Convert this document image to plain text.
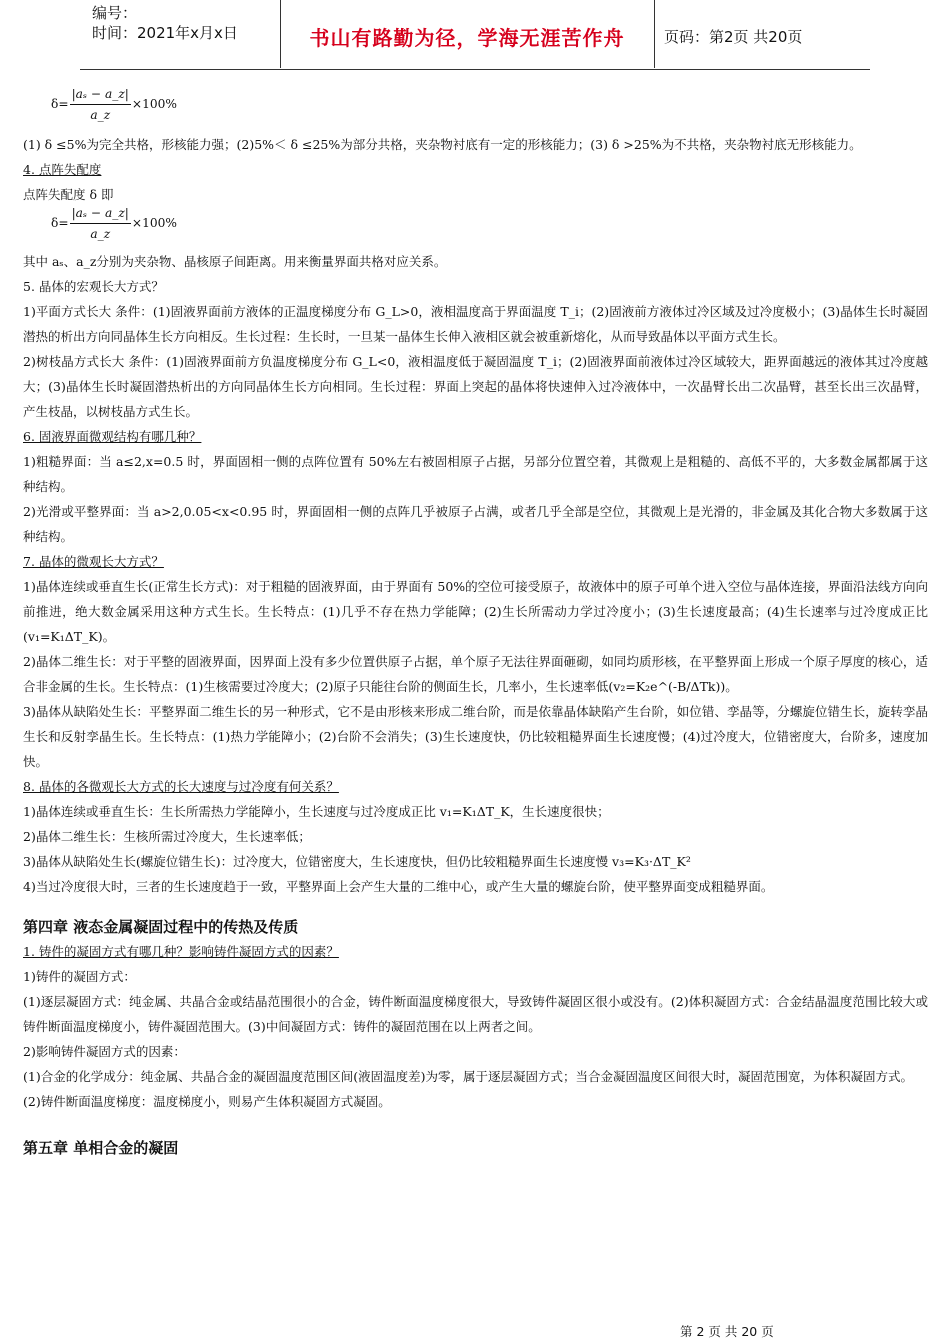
编号：
时间：2021年x月x日	书山有路勤为径，学海无涯苦作舟	页码：第2页 共20页
$\delta= \frac{\text{|aₛ − a\_z|}}{a\_z} \times 100\%$

(1) δ ≤5%为完全共格，形核能力强；(2)5%＜ δ ≤25%为部分共格，夹杂物衬底有一定的形核能力；(3) δ >25%为不共格，夹杂物衬底无形核能力。

4. 点阵失配度

点阵失配度 δ 即

$\delta= \frac{\text{|aₛ − a\_z|}}{a\_z} \times 100\%$

其中 aₛ、a_z分别为夹杂物、晶核原子间距离。用来衡量界面共格对应关系。

5. 晶体的宏观长大方式？

1)平面方式长大 条件：(1)固液界面前方液体的正温度梯度分布 G_L>0，液相温度高于界面温度 T_i；(2)固液前方液体过冷区域及过冷度极小；(3)晶体生长时凝固潜热的析出方向同晶体生长方向相反。生长过程：生长时，一旦某一晶体生长伸入液相区就会被重新熔化，从而导致晶体以平面方式生长。

2)树枝晶方式长大 条件：(1)固液界面前方负温度梯度分布 G_L<0，液相温度低于凝固温度 T_i；(2)固液界面前液体过冷区域较大，距界面越远的液体其过冷度越大；(3)晶体生长时凝固潜热析出的方向同晶体生长方向相同。生长过程：界面上突起的晶体将快速伸入过冷液体中，一次晶臂长出二次晶臂，甚至长出三次晶臂，产生枝晶，以树枝晶方式生长。

6. 固液界面微观结构有哪几种？

1)粗糙界面：当 a≤2,x=0.5 时，界面固相一侧的点阵位置有 50%左右被固相原子占据，另部分位置空着，其微观上是粗糙的、高低不平的，大多数金属都属于这种结构。

2)光滑或平整界面：当 a>2,0.05<x<0.95 时，界面固相一侧的点阵几乎被原子占满，或者几乎全部是空位，其微观上是光滑的，非金属及其化合物大多数属于这种结构。

7. 晶体的微观长大方式？

1)晶体连续或垂直生长(正常生长方式)：对于粗糙的固液界面，由于界面有 50%的空位可接受原子，故液体中的原子可单个进入空位与晶体连接，界面沿法线方向向前推进，绝大数金属采用这种方式生长。生长特点：(1)几乎不存在热力学能障；(2)生长所需动力学过冷度小；(3)生长速度最高；(4)生长速率与过冷度成正比(v₁=K₁ΔT_K)。

2)晶体二维生长：对于平整的固液界面，因界面上没有多少位置供原子占据，单个原子无法往界面砸砌，如同均质形核，在平整界面上形成一个原子厚度的核心，适合非金属的生长。生长特点：(1)生核需要过冷度大；(2)原子只能往台阶的侧面生长，几率小，生长速率低(v₂=K₂e^(-B/ΔTk))。

3)晶体从缺陷处生长：平整界面二维生长的另一种形式，它不是由形核来形成二维台阶，而是依靠晶体缺陷产生台阶，如位错、孪晶等，分螺旋位错生长，旋转孪晶生长和反射孪晶生长。生长特点：(1)热力学能障小；(2)台阶不会消失；(3)生长速度快，仍比较粗糙界面生长速度慢；(4)过冷度大，位错密度大，台阶多，速度加快。

8. 晶体的各微观长大方式的长大速度与过冷度有何关系？

1)晶体连续或垂直生长：生长所需热力学能障小，生长速度与过冷度成正比 v₁=K₁ΔT_K，生长速度很快；

2)晶体二维生长：生核所需过冷度大，生长速率低；

3)晶体从缺陷处生长(螺旋位错生长)：过冷度大，位错密度大，生长速度快，但仍比较粗糙界面生长速度慢 v₃=K₃·ΔT_K²

4)当过冷度很大时，三者的生长速度趋于一致，平整界面上会产生大量的二维中心，或产生大量的螺旋台阶，使平整界面变成粗糙界面。

第四章 液态金属凝固过程中的传热及传质

1. 铸件的凝固方式有哪几种？影响铸件凝固方式的因素？

1)铸件的凝固方式：

(1)逐层凝固方式：纯金属、共晶合金或结晶范围很小的合金，铸件断面温度梯度很大，导致铸件凝固区很小或没有。(2)体积凝固方式：合金结晶温度范围比较大或铸件断面温度梯度小，铸件凝固范围大。(3)中间凝固方式：铸件的凝固范围在以上两者之间。

2)影响铸件凝固方式的因素：

(1)合金的化学成分：纯金属、共晶合金的凝固温度范围区间(液固温度差)为零，属于逐层凝固方式；当合金凝固温度区间很大时，凝固范围宽，为体积凝固方式。

(2)铸件断面温度梯度：温度梯度小，则易产生体积凝固方式凝固。

第五章 单相合金的凝固
第 2 页 共 20 页
